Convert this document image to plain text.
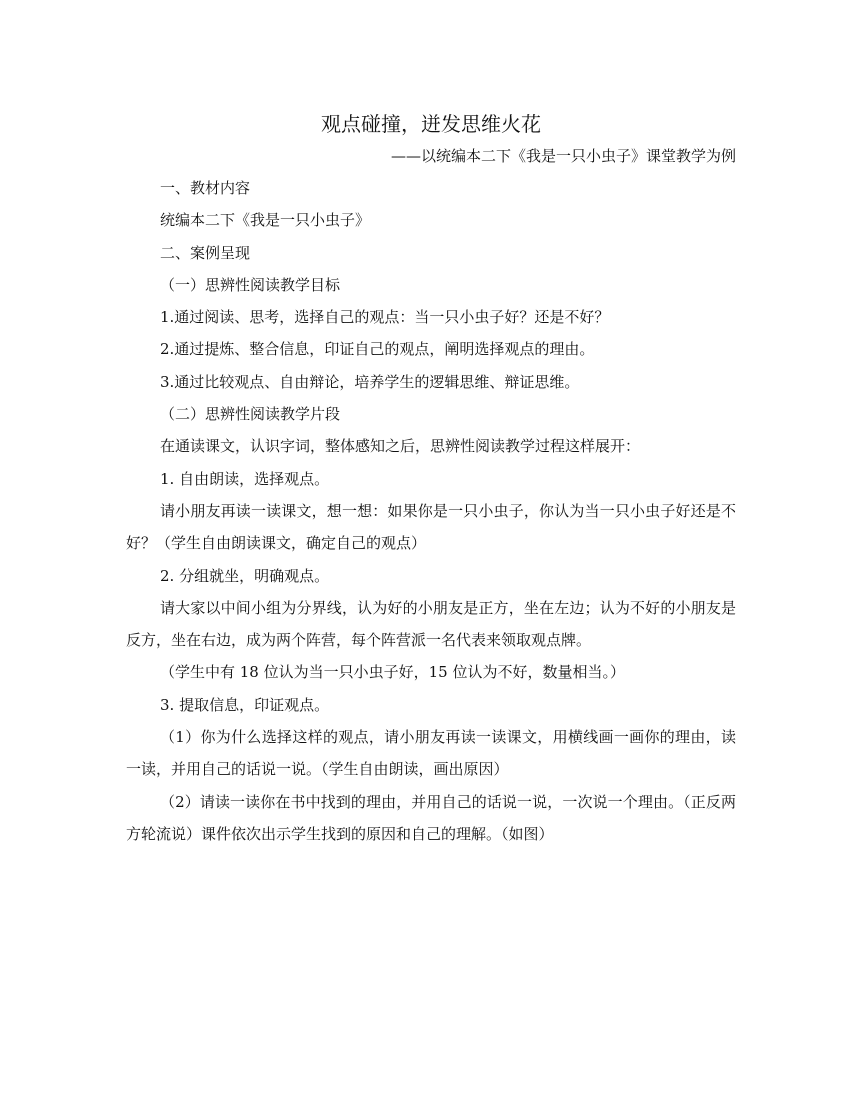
观点碰撞，迸发思维火花

——以统编本二下《我是一只小虫子》课堂教学为例

一、教材内容

统编本二下《我是一只小虫子》

二、案例呈现

（一）思辨性阅读教学目标

1.通过阅读、思考，选择自己的观点：当一只小虫子好？还是不好？

2.通过提炼、整合信息，印证自己的观点，阐明选择观点的理由。

3.通过比较观点、自由辩论，培养学生的逻辑思维、辩证思维。

（二）思辨性阅读教学片段

在通读课文，认识字词，整体感知之后，思辨性阅读教学过程这样展开：

1. 自由朗读，选择观点。

请小朋友再读一读课文，想一想：如果你是一只小虫子，你认为当一只小虫子好还是不好？（学生自由朗读课文，确定自己的观点）

2. 分组就坐，明确观点。

请大家以中间小组为分界线，认为好的小朋友是正方，坐在左边；认为不好的小朋友是反方，坐在右边，成为两个阵营，每个阵营派一名代表来领取观点牌。

（学生中有 18 位认为当一只小虫子好，15 位认为不好，数量相当。）

3. 提取信息，印证观点。

（1）你为什么选择这样的观点，请小朋友再读一读课文，用横线画一画你的理由，读一读，并用自己的话说一说。（学生自由朗读，画出原因）

（2）请读一读你在书中找到的理由，并用自己的话说一说，一次说一个理由。（正反两方轮流说）课件依次出示学生找到的原因和自己的理解。（如图）
